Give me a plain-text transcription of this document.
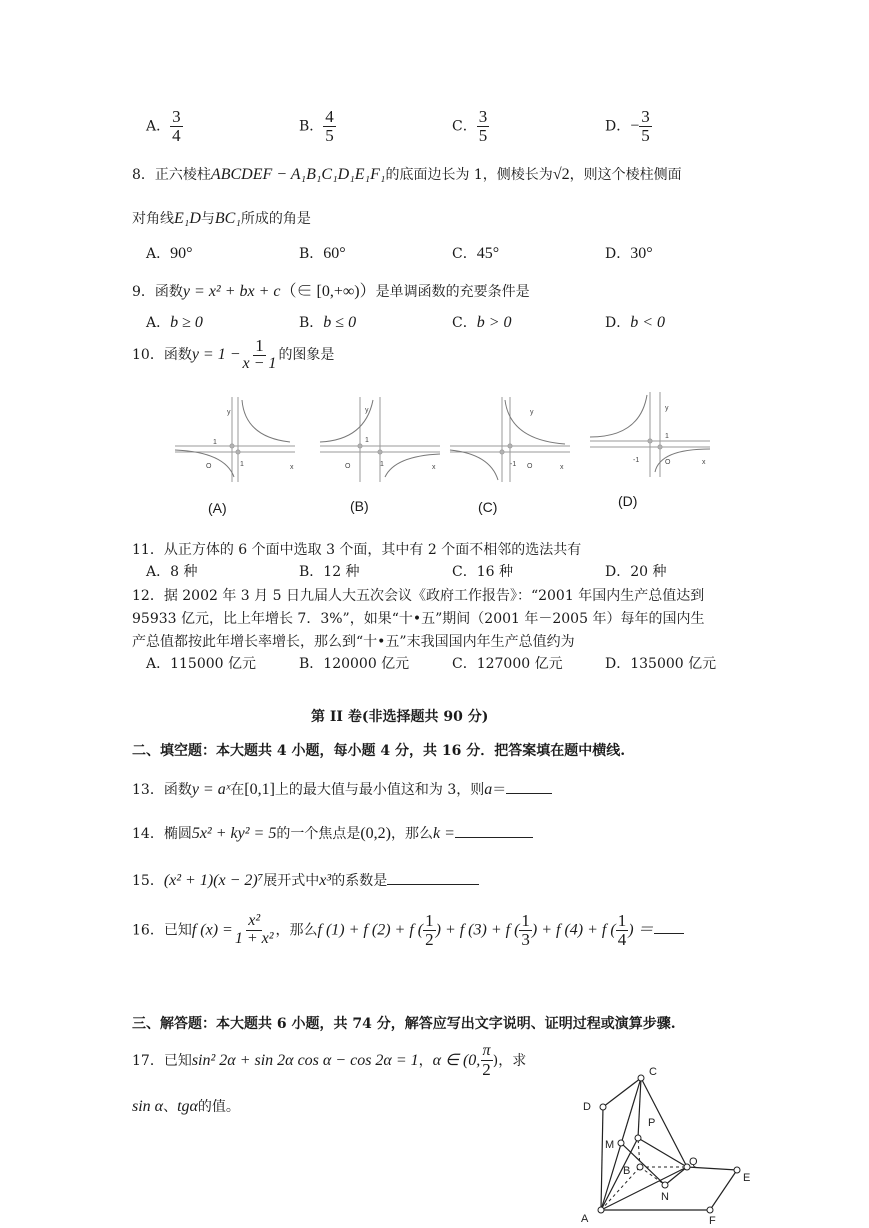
A． $\frac{3}{4}$	B． $\frac{4}{5}$	C． $\frac{3}{5}$	D．− $\frac{3}{5}$
8．正六棱柱ABCDEF − A₁B₁C₁D₁E₁F₁的底面边长为 1，侧棱长为√2，则这个棱柱侧面
对角线E₁D与BC₁所成的角是
A．90°	B．60°	C．45°	D．30°
9．函数y = x² + bx + c（∈ [0,+∞)）是单调函数的充要条件是
A．b ≥ 0	B．b ≤ 0	C．b > 0	D．b < 0
10．函数$y = 1 - \frac{1}{x - 1}$ 的图象是
y
x
1
O	1
y
x
1
O	1
y
x
-1 O
y
x
-1	O
1
(A)	(B)	(C)	(D)
11．从正方体的 6 个面中选取 3 个面，其中有 2 个面不相邻的选法共有
A．8 种	B．12 种	C．16 种	D．20 种
12．据 2002 年 3 月 5 日九届人大五次会议《政府工作报告》：“2001 年国内生产总值达到
95933 亿元，比上年增长 7．3%”，如果“十•五”期间（2001 年－2005 年）每年的国内生
产总值都按此年增长率增长，那么到“十•五”末我国国内年生产总值约为
A．115000 亿元	B．120000 亿元	C．127000 亿元	D．135000 亿元
第 II 卷(非选择题共 90 分)
二、填空题：本大题共 4 小题，每小题 4 分，共 16 分．把答案填在题中横线.
13．函数y = aˣ在[0,1]上的最大值与最小值这和为 3，则a＝
14．椭圆5x² + ky² = 5的一个焦点是(0,2)，那么k =
15．(x² + 1)(x − 2)⁷展开式中x³的系数是
16．已知f $(x) = \frac{\text{x²}}{\text{1 + x²}}$ ，那么f (1) + f (2) + f ( $\frac{1}{2}$ ) + f (3) + f ( $\frac{1}{3}$ ) + f (4) + f ( $\frac{1}{4}$ ) ＝
三、解答题：本大题共 6 小题，共 74 分，解答应写出文字说明、证明过程或演算步骤.
17．已知sin² 2α + sin 2α cos α − cos 2α = 1，α ∈ (0, $\frac{\pi}{2}$ )，求
sin α、tgα的值。
C
D
P
M
B
Q
E
N
A	F
